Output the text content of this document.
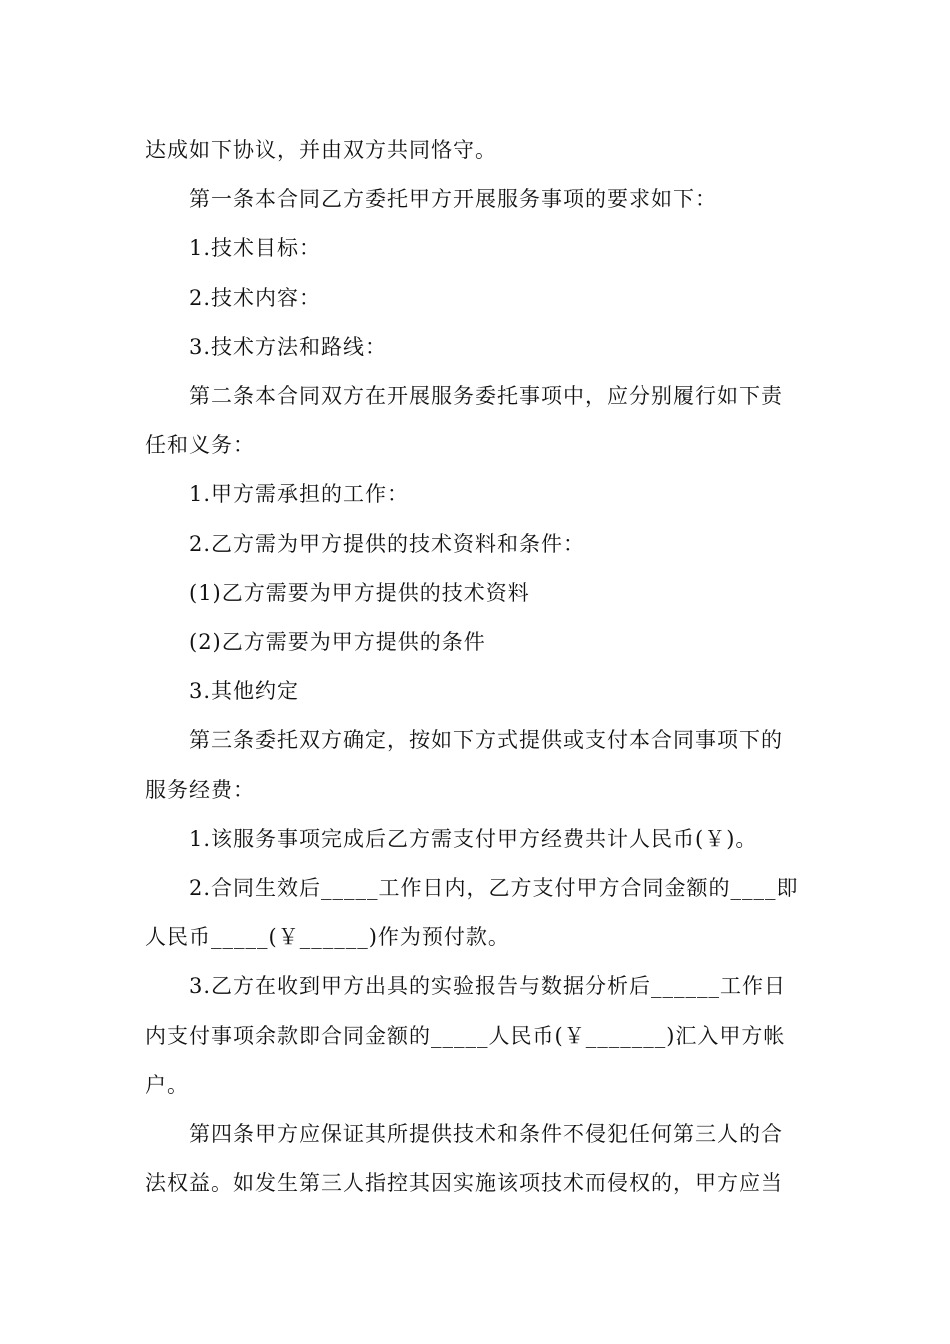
达成如下协议，并由双方共同恪守。

第一条本合同乙方委托甲方开展服务事项的要求如下：

1.技术目标：

2.技术内容：

3.技术方法和路线：

第二条本合同双方在开展服务委托事项中，应分别履行如下责

任和义务：

1.甲方需承担的工作：

2.乙方需为甲方提供的技术资料和条件：

(1)乙方需要为甲方提供的技术资料

(2)乙方需要为甲方提供的条件

3.其他约定

第三条委托双方确定，按如下方式提供或支付本合同事项下的

服务经费：

1.该服务事项完成后乙方需支付甲方经费共计人民币(￥)。

2.合同生效后_____工作日内，乙方支付甲方合同金额的____即

人民币_____(￥______)作为预付款。

3.乙方在收到甲方出具的实验报告与数据分析后______工作日

内支付事项余款即合同金额的_____人民币(￥_______)汇入甲方帐

户。

第四条甲方应保证其所提供技术和条件不侵犯任何第三人的合

法权益。如发生第三人指控其因实施该项技术而侵权的，甲方应当
